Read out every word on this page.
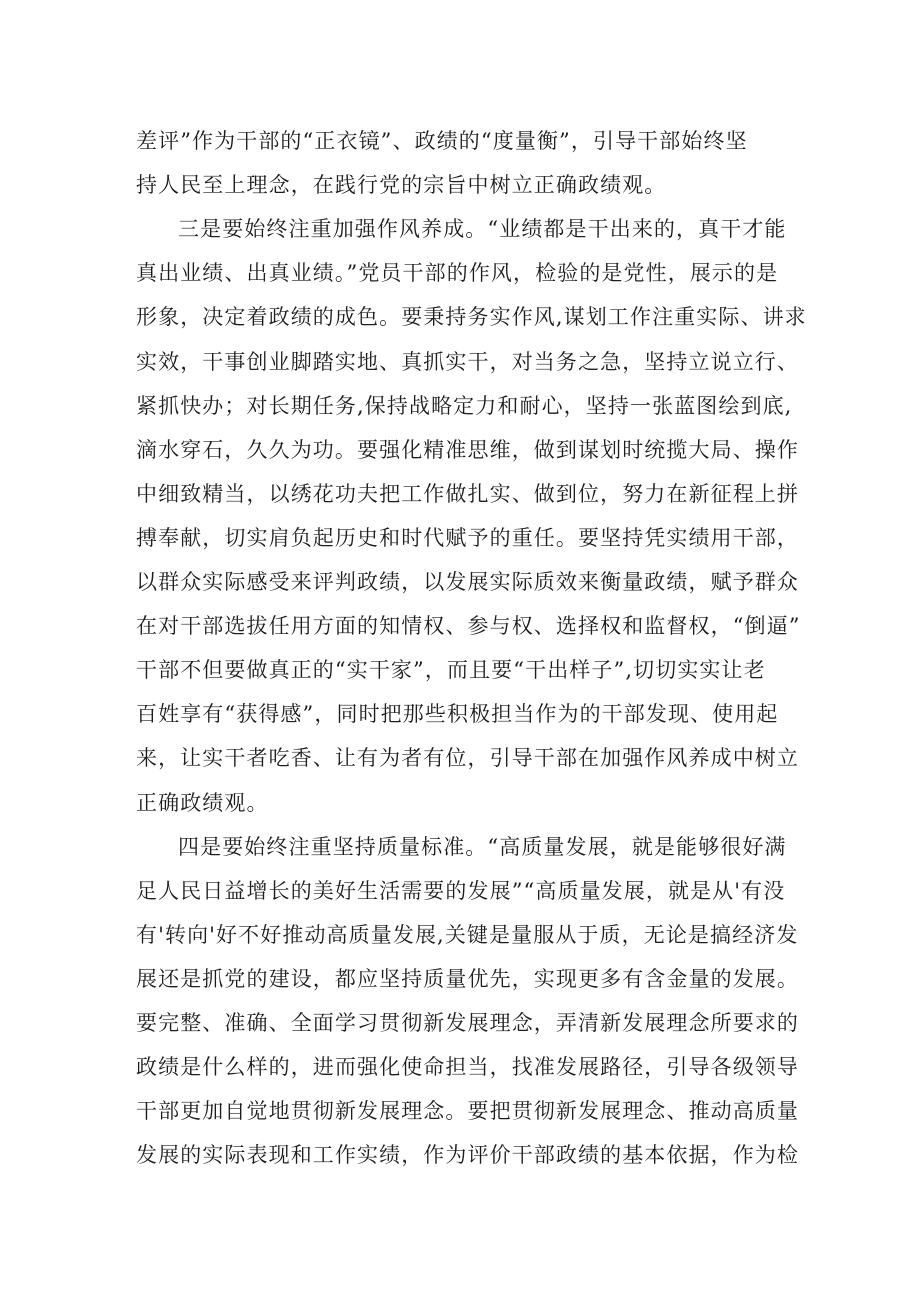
差评”作为干部的“正衣镜”、政绩的“度量衡”，引导干部始终坚
持人民至上理念，在践行党的宗旨中树立正确政绩观。
三是要始终注重加强作风养成。“业绩都是干出来的，真干才能
真出业绩、出真业绩。”党员干部的作风，检验的是党性，展示的是
形象，决定着政绩的成色。要秉持务实作风,谋划工作注重实际、讲求
实效，干事创业脚踏实地、真抓实干，对当务之急，坚持立说立行、
紧抓快办；对长期任务,保持战略定力和耐心，坚持一张蓝图绘到底,
滴水穿石，久久为功。要强化精准思维，做到谋划时统揽大局、操作
中细致精当，以绣花功夫把工作做扎实、做到位，努力在新征程上拼
搏奉献，切实肩负起历史和时代赋予的重任。要坚持凭实绩用干部，
以群众实际感受来评判政绩，以发展实际质效来衡量政绩，赋予群众
在对干部选拔任用方面的知情权、参与权、选择权和监督权，“倒逼”
干部不但要做真正的“实干家”，而且要“干出样子”,切切实实让老
百姓享有“获得感”，同时把那些积极担当作为的干部发现、使用起
来，让实干者吃香、让有为者有位，引导干部在加强作风养成中树立
正确政绩观。
四是要始终注重坚持质量标准。“高质量发展，就是能够很好满
足人民日益增长的美好生活需要的发展”“高质量发展，就是从'有没
有'转向'好不好推动高质量发展,关键是量服从于质，无论是搞经济发
展还是抓党的建设，都应坚持质量优先，实现更多有含金量的发展。
要完整、准确、全面学习贯彻新发展理念，弄清新发展理念所要求的
政绩是什么样的，进而强化使命担当，找准发展路径，引导各级领导
干部更加自觉地贯彻新发展理念。要把贯彻新发展理念、推动高质量
发展的实际表现和工作实绩，作为评价干部政绩的基本依据，作为检
